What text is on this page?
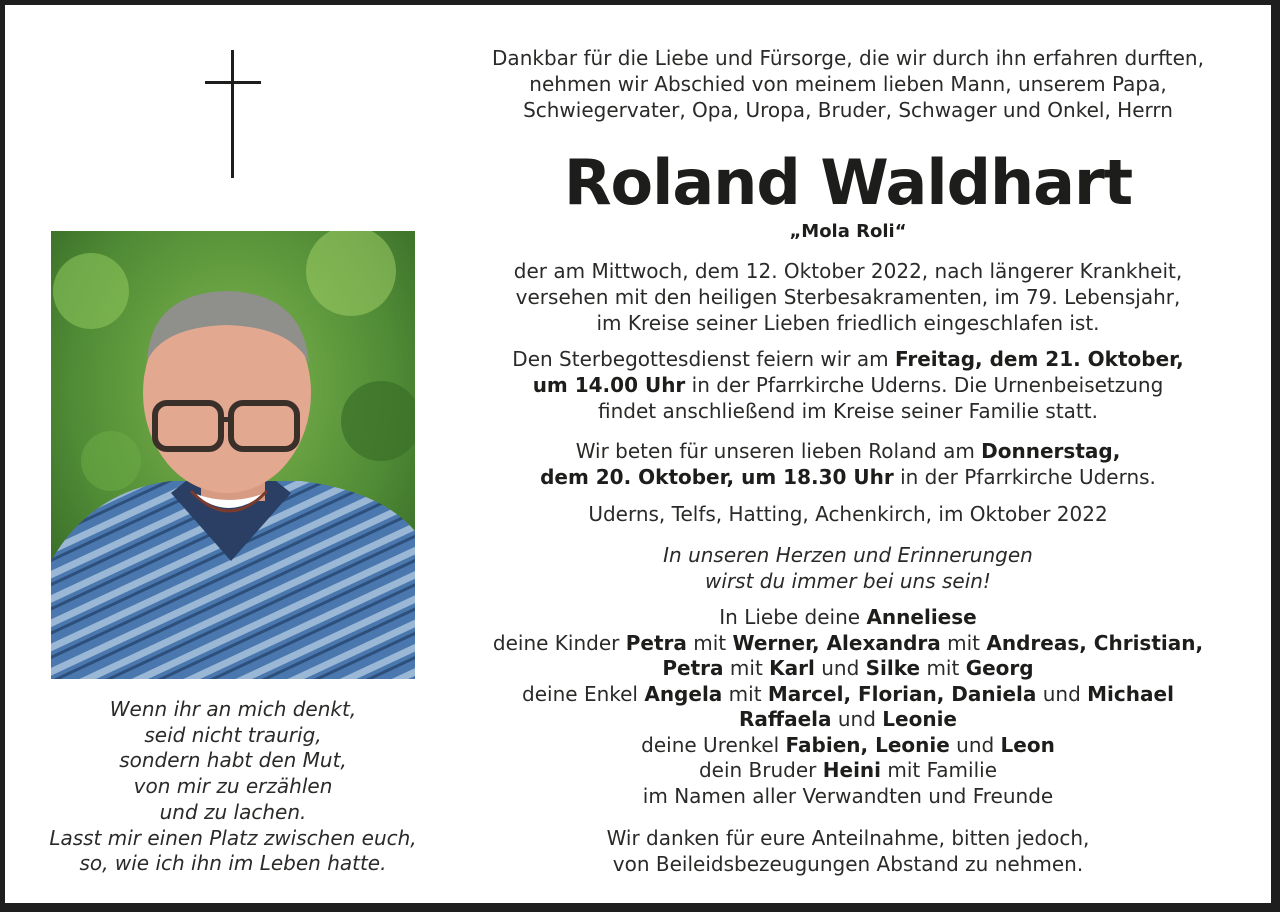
Wenn ihr an mich denkt,
seid nicht traurig,
sondern habt den Mut,
von mir zu erzählen
und zu lachen.
Lasst mir einen Platz zwischen euch,
so, wie ich ihn im Leben hatte.

Dankbar für die Liebe und Fürsorge, die wir durch ihn erfahren durften,
nehmen wir Abschied von meinem lieben Mann, unserem Papa,
Schwiegervater, Opa, Uropa, Bruder, Schwager und Onkel, Herrn
Roland Waldhart
„Mola Roli“
der am Mittwoch, dem 12. Oktober 2022, nach längerer Krankheit,
versehen mit den heiligen Sterbesakramenten, im 79. Lebensjahr,
im Kreise seiner Lieben friedlich eingeschlafen ist.
Den Sterbegottesdienst feiern wir am Freitag, dem 21. Oktober,
um 14.00 Uhr in der Pfarrkirche Uderns. Die Urnenbeisetzung
findet anschließend im Kreise seiner Familie statt.
Wir beten für unseren lieben Roland am Donnerstag,
dem 20. Oktober, um 18.30 Uhr in der Pfarrkirche Uderns.
Uderns, Telfs, Hatting, Achenkirch, im Oktober 2022
In unseren Herzen und Erinnerungen
wirst du immer bei uns sein!
In Liebe deine Anneliese
deine Kinder Petra mit Werner, Alexandra mit Andreas, Christian,
Petra mit Karl und Silke mit Georg
deine Enkel Angela mit Marcel, Florian, Daniela und Michael
Raffaela und Leonie
deine Urenkel Fabien, Leonie und Leon
dein Bruder Heini mit Familie
im Namen aller Verwandten und Freunde
Wir danken für eure Anteilnahme, bitten jedoch,
von Beileidsbezeugungen Abstand zu nehmen.
